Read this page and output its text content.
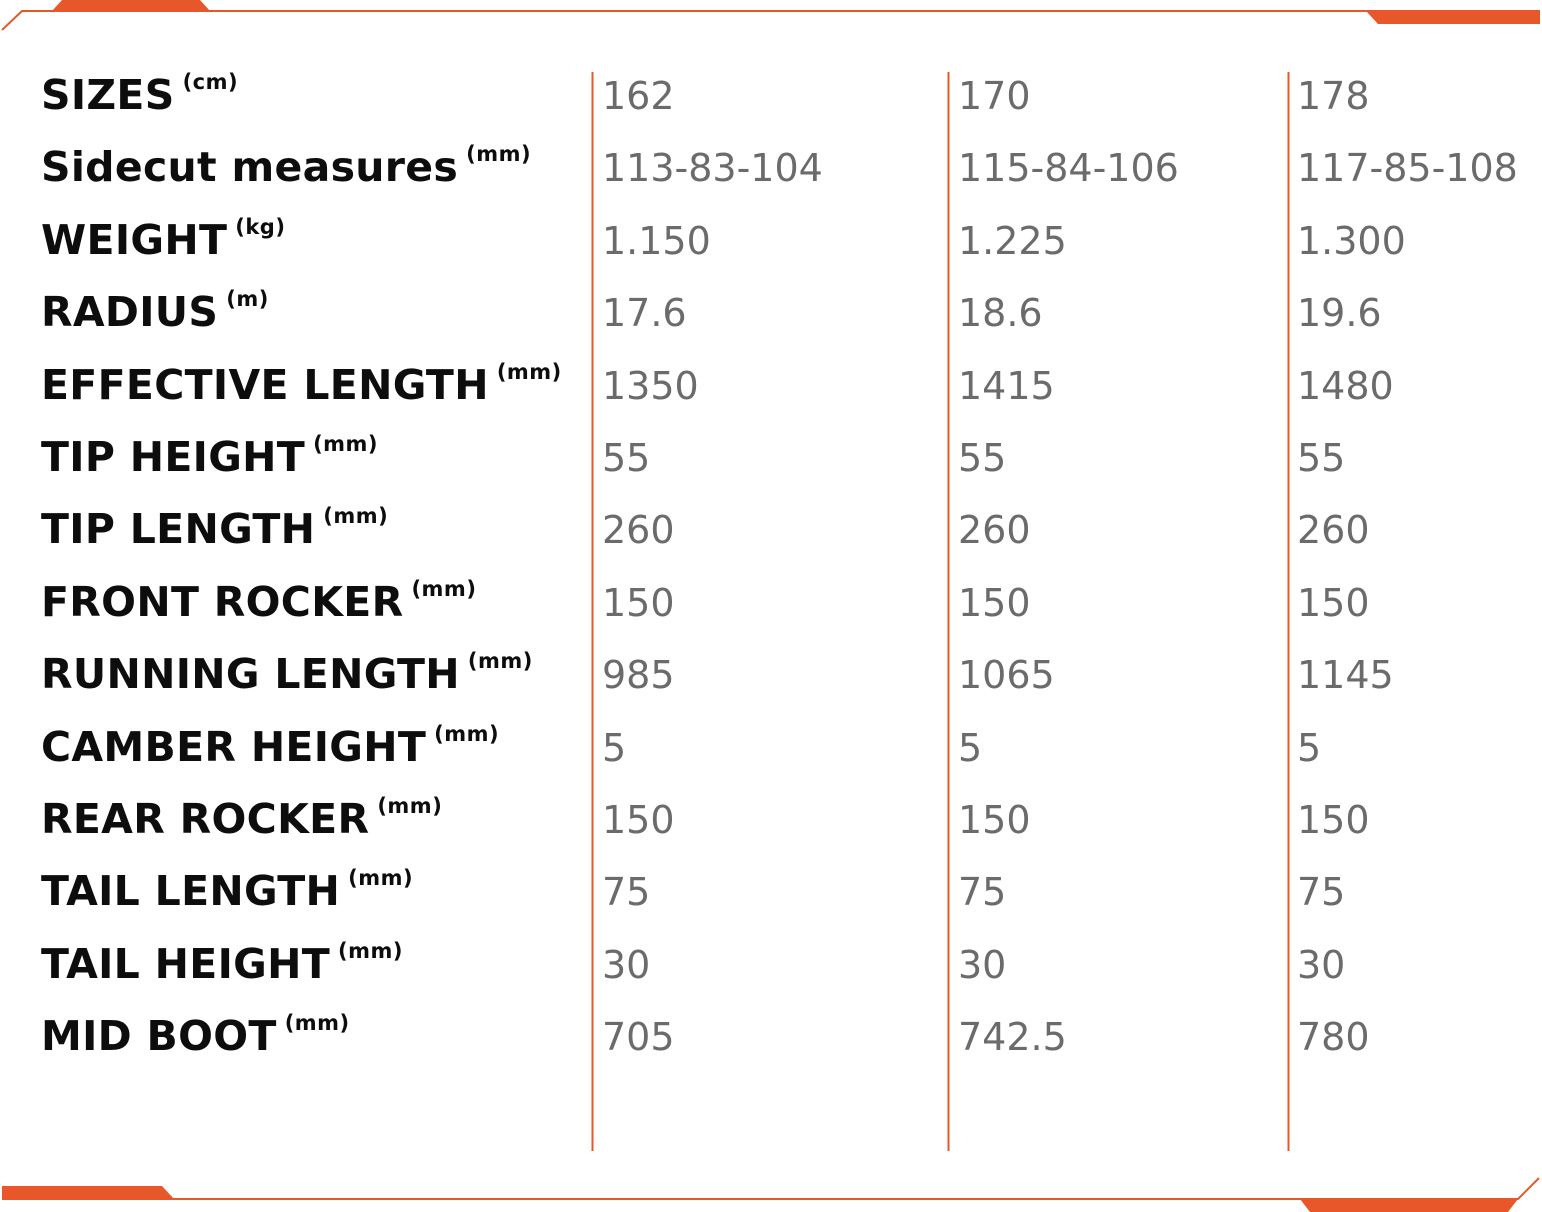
SIZES $^{(cm)}$	162	170	178
Sidecut measures $^{(mm)}$ 113-83-104	115-84-106	117-85-108
WEIGHT $^{(kg)}$	1.150	1.225	1.300
RADIUS $^{(m)}$	17.6	18.6	19.6
EFFECTIVE LENGTH $^{(mm)}$ 1350	1415	1480
TIP HEIGHT $^{(mm)}$	55	55	55
TIP LENGTH $^{(mm)}$	260	260	260
FRONT ROCKER $^{(mm)}$	150	150	150
RUNNING LENGTH $^{(mm)}$ 985	1065	1145
CAMBER HEIGHT $^{(mm)}$	5	5	5
REAR ROCKER $^{(mm)}$	150	150	150
TAIL LENGTH $^{(mm)}$	75	75	75
TAIL HEIGHT $^{(mm)}$	30	30	30
MID BOOT $^{(mm)}$	705	742.5	780
